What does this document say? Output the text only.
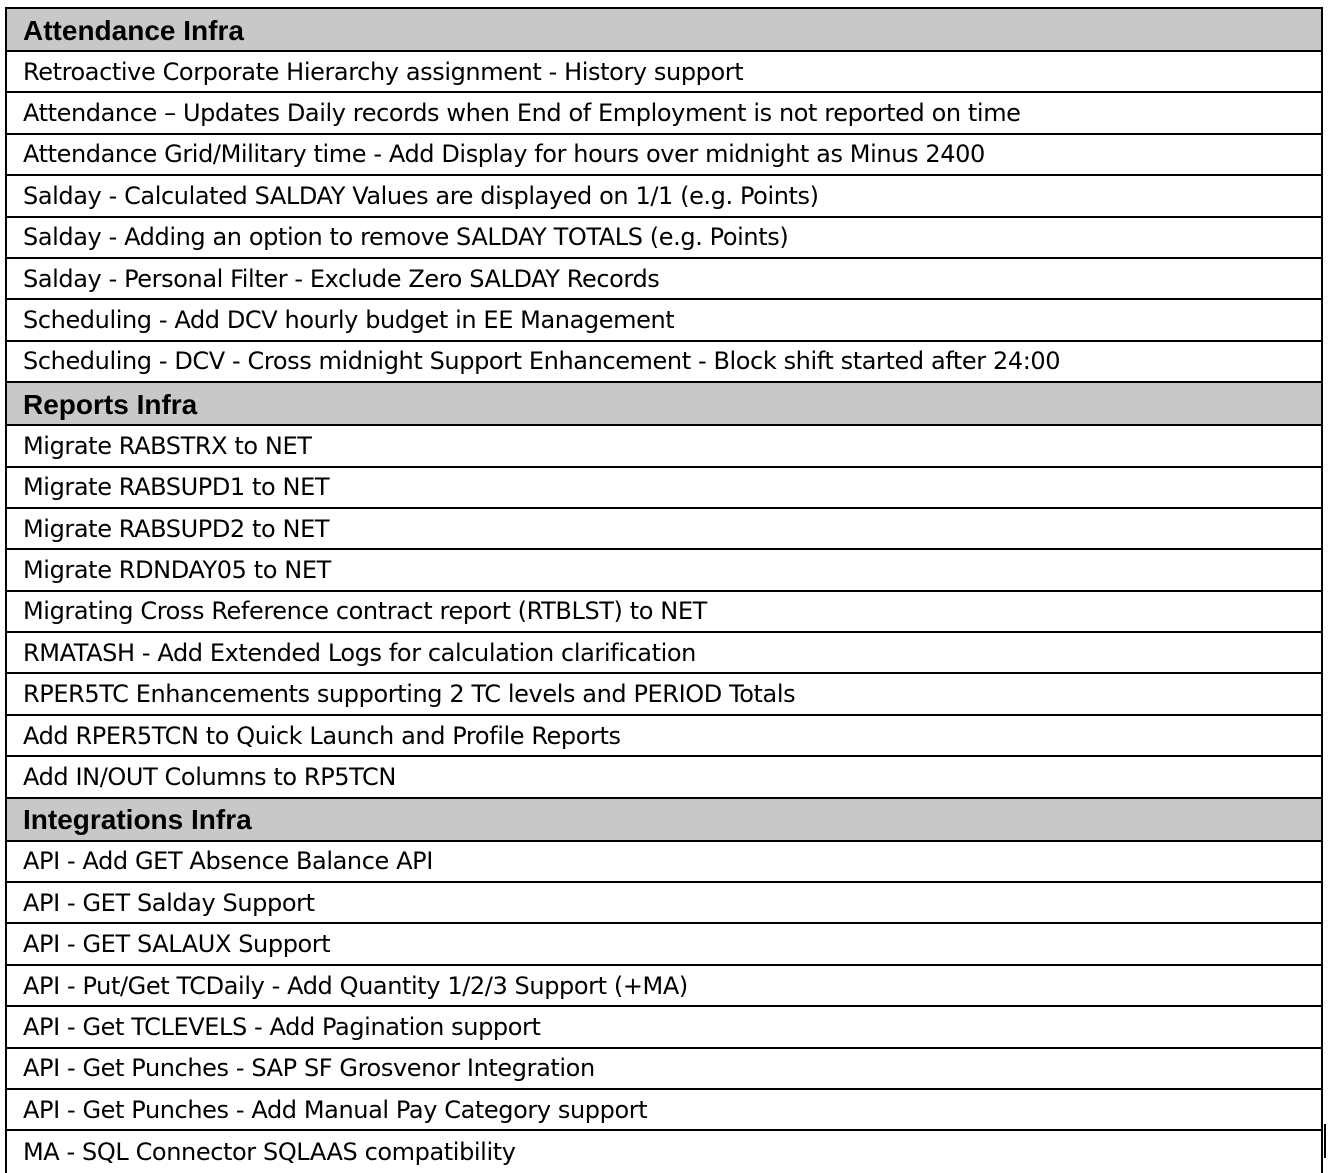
Attendance Infra
Retroactive Corporate Hierarchy assignment - History support
Attendance – Updates Daily records when End of Employment is not reported on time
Attendance Grid/Military time - Add Display for hours over midnight as Minus 2400
Salday - Calculated SALDAY Values are displayed on 1/1 (e.g. Points)
Salday - Adding an option to remove SALDAY TOTALS (e.g. Points)
Salday - Personal Filter - Exclude Zero SALDAY Records
Scheduling - Add DCV hourly budget in EE Management
Scheduling - DCV - Cross midnight Support Enhancement - Block shift started after 24:00
Reports Infra
Migrate RABSTRX to NET
Migrate RABSUPD1 to NET
Migrate RABSUPD2 to NET
Migrate RDNDAY05 to NET
Migrating Cross Reference contract report (RTBLST) to NET
RMATASH - Add Extended Logs for calculation clarification
RPER5TC Enhancements supporting 2 TC levels and PERIOD Totals
Add RPER5TCN to Quick Launch and Profile Reports
Add IN/OUT Columns to RP5TCN
Integrations Infra
API - Add GET Absence Balance API
API - GET Salday Support
API - GET SALAUX Support
API - Put/Get TCDaily - Add Quantity 1/2/3 Support (+MA)
API - Get TCLEVELS - Add Pagination support
API - Get Punches - SAP SF Grosvenor Integration
API - Get Punches - Add Manual Pay Category support
MA - SQL Connector SQLAAS compatibility
